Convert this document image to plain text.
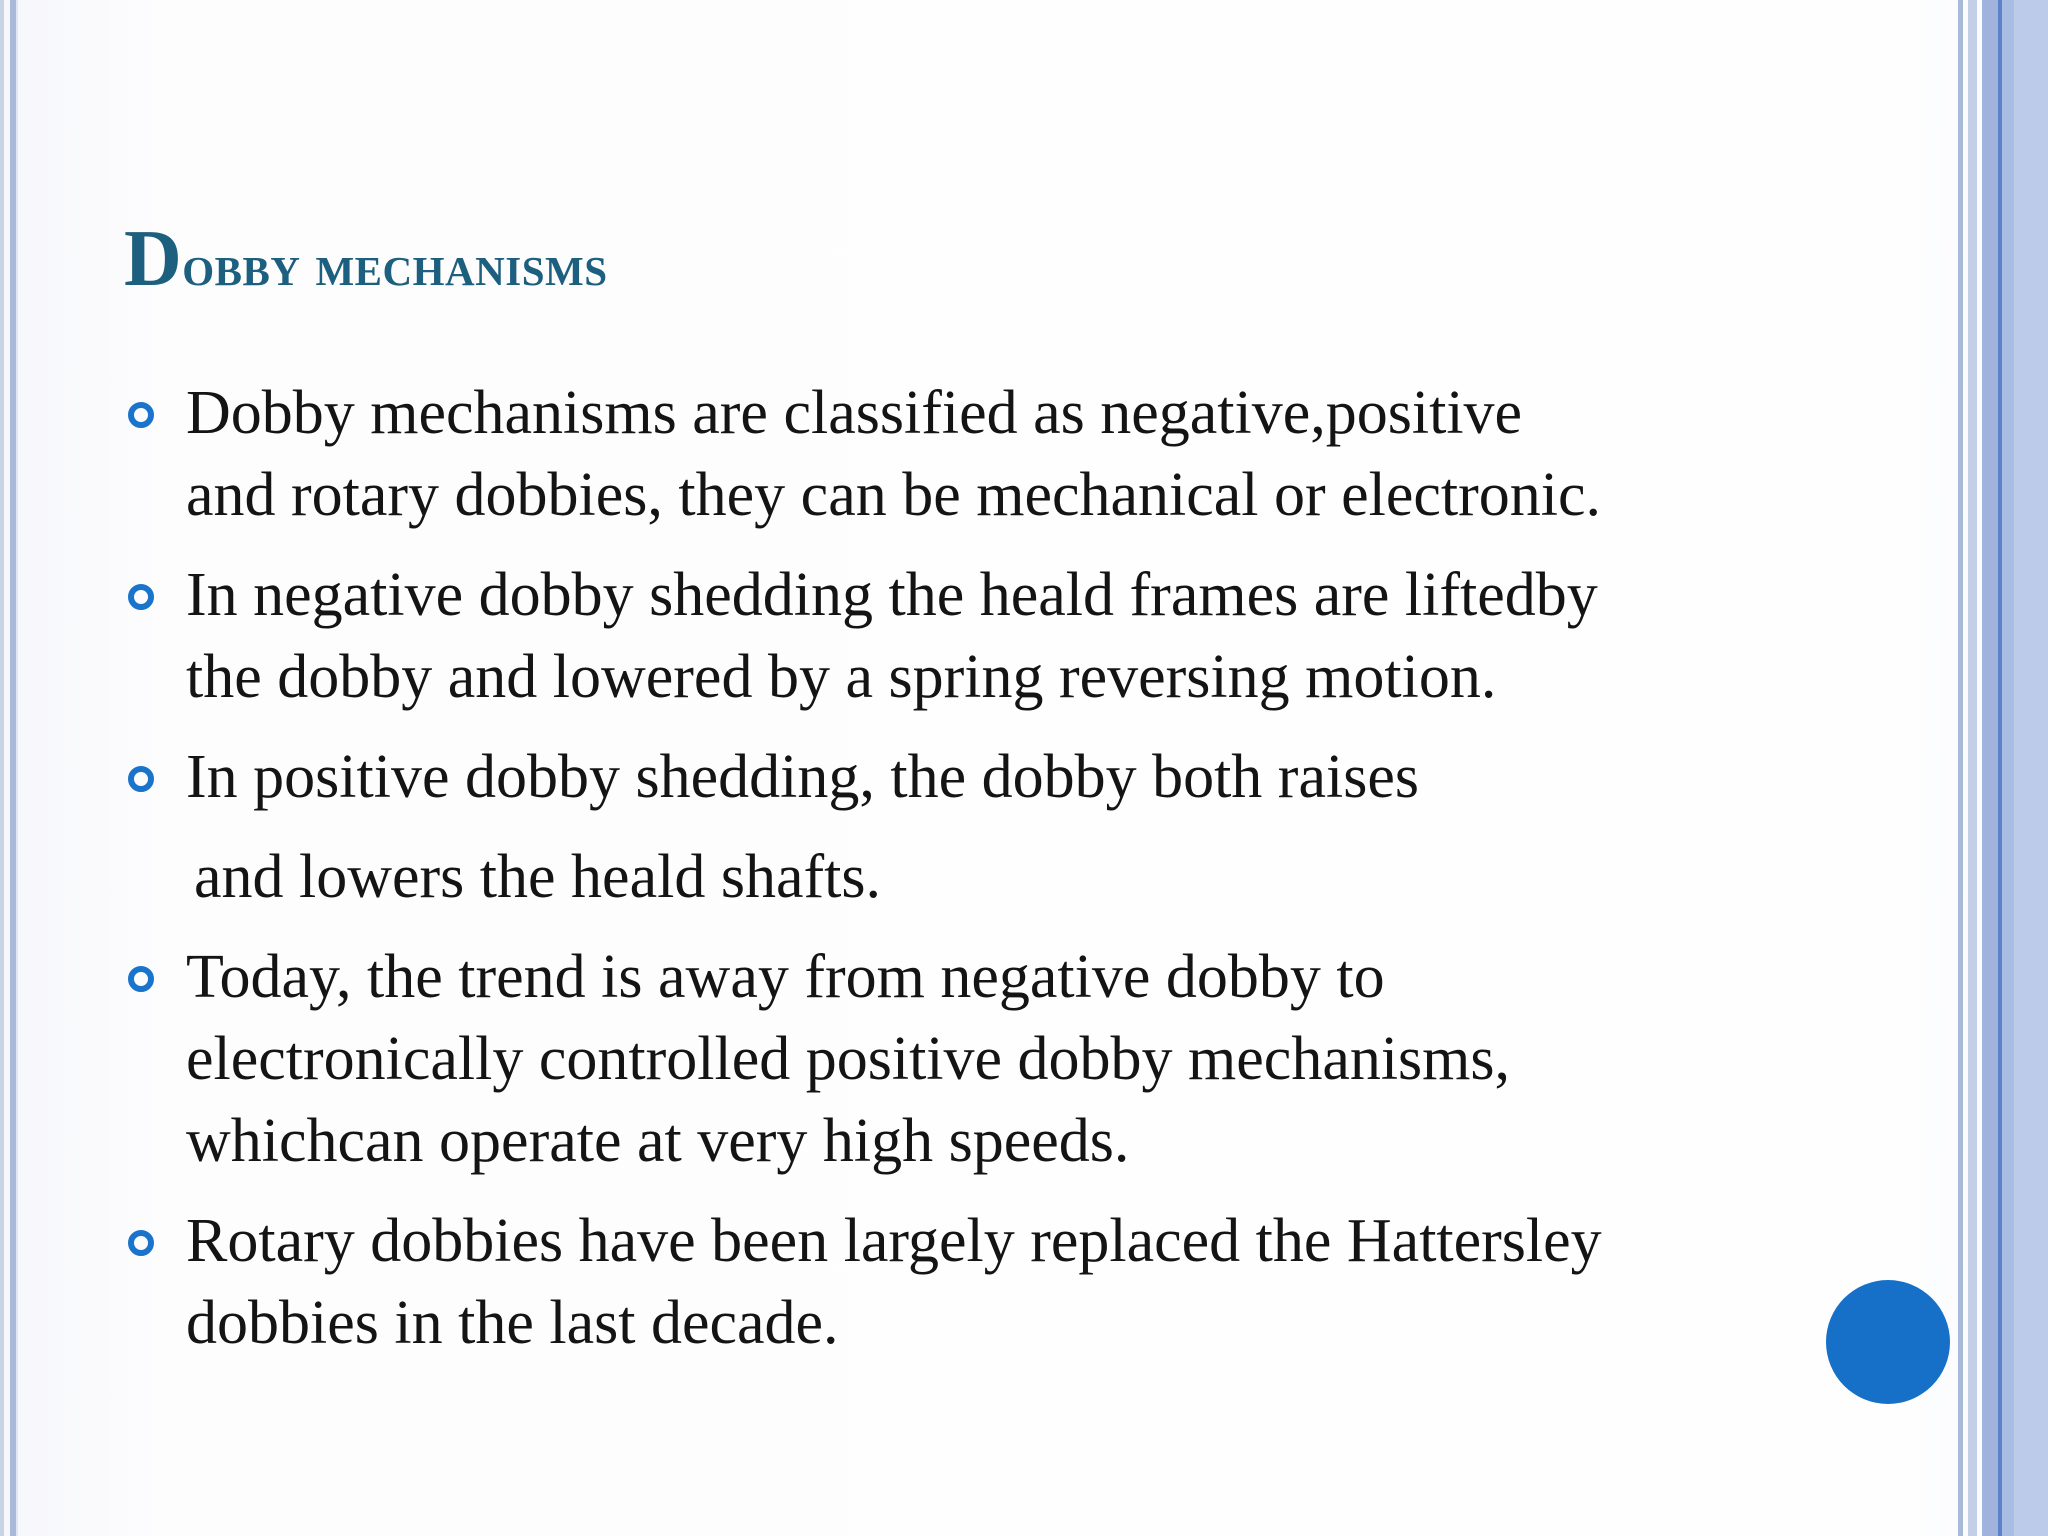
Dobby mechanisms
Dobby mechanisms are classified as negative,positive
and rotary dobbies, they can be mechanical or electronic.
In negative dobby shedding the heald frames are liftedby
the dobby and lowered by a spring reversing motion.
In positive dobby shedding, the dobby both raises
and lowers the heald shafts.
Today, the trend is away from negative dobby to
electronically controlled positive dobby mechanisms,
whichcan operate at very high speeds.
Rotary dobbies have been largely replaced the Hattersley
dobbies in the last decade.
